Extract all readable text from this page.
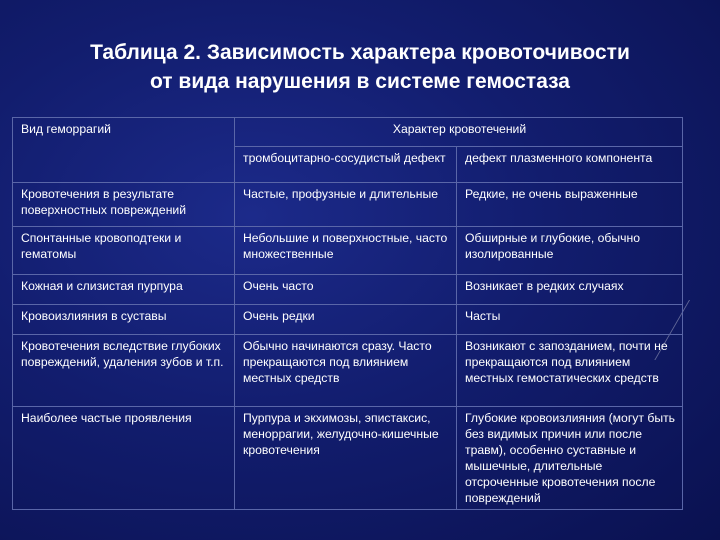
Таблица 2. Зависимость характера кровоточивости
от вида нарушения в системе гемостаза
Вид геморрагий	Характер кровотечений	
	тромбоцитарно-сосудистый дефект	дефект плазменного компонента
Кровотечения в результате поверхностных повреждений	Частые, профузные и длительные	Редкие, не очень выраженные
Спонтанные кровоподтеки и гематомы	Небольшие и поверхностные, часто множественные	Обширные и глубокие, обычно изолированные
Кожная и слизистая пурпура	Очень часто	Возникает в редких случаях
Кровоизлияния в суставы	Очень редки	Часты
Кровотечения вследствие глубоких повреждений, удаления зубов и т.п.	Обычно начинаются сразу. Часто прекращаются под влиянием местных средств	Возникают с запозданием, почти не прекращаются под влиянием местных гемостатических средств
Наиболее частые проявления	Пурпура и экхимозы, эпистаксис, меноррагии, желудочно-кишечные кровотечения	Глубокие кровоизлияния (могут быть без видимых причин или после травм), особенно суставные и мышечные, длительные отсроченные кровотечения после повреждений
